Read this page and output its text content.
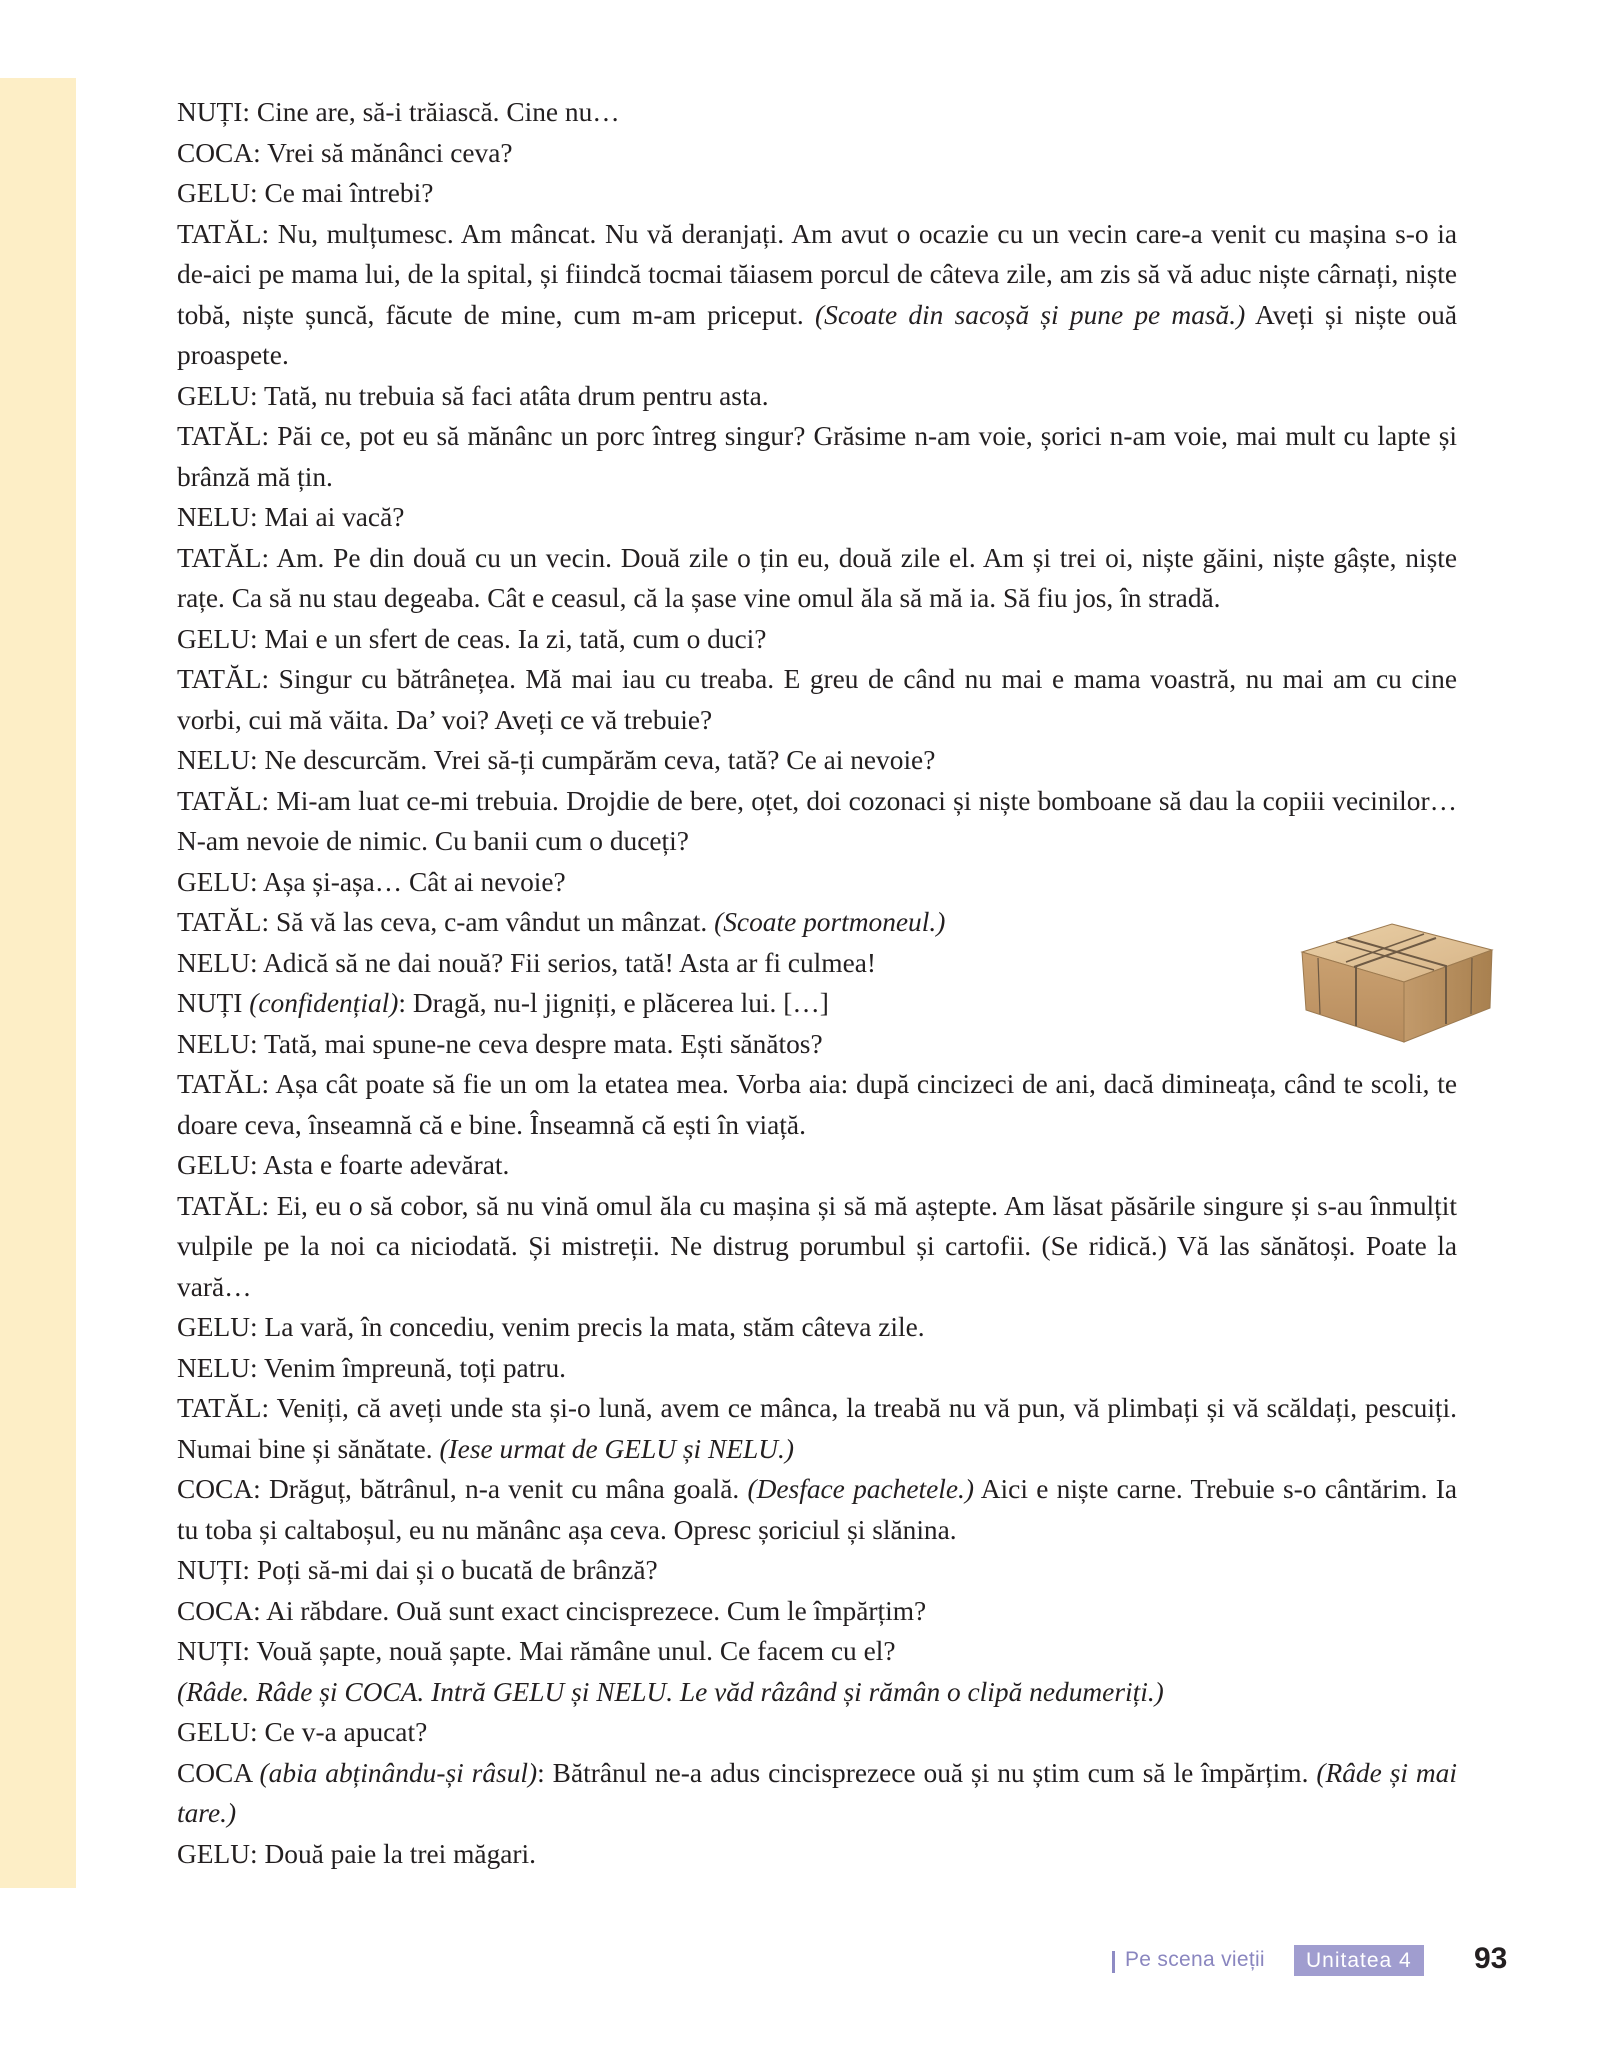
NUȚI: Cine are, să-i trăiască. Cine nu…

COCA: Vrei să mănânci ceva?

GELU: Ce mai întrebi?

TATĂL: Nu, mulțumesc. Am mâncat. Nu vă deranjați. Am avut o ocazie cu un vecin care-a venit cu mașina s-o ia de-aici pe mama lui, de la spital, și fiindcă tocmai tăiasem porcul de câteva zile, am zis să vă aduc niște cârnați, niște tobă, niște șuncă, făcute de mine, cum m-am priceput. (Scoate din sacoșă și pune pe masă.) Aveți și niște ouă proaspete.

GELU: Tată, nu trebuia să faci atâta drum pentru asta.

TATĂL: Păi ce, pot eu să mănânc un porc întreg singur? Grăsime n-am voie, șorici n-am voie, mai mult cu lapte și brânză mă țin.

NELU: Mai ai vacă?

TATĂL: Am. Pe din două cu un vecin. Două zile o țin eu, două zile el. Am și trei oi, niște găini, niște gâște, niște rațe. Ca să nu stau degeaba. Cât e ceasul, că la șase vine omul ăla să mă ia. Să fiu jos, în stradă.

GELU: Mai e un sfert de ceas. Ia zi, tată, cum o duci?

TATĂL: Singur cu bătrânețea. Mă mai iau cu treaba. E greu de când nu mai e mama voastră, nu mai am cu cine vorbi, cui mă văita. Da’ voi? Aveți ce vă trebuie?

NELU: Ne descurcăm. Vrei să-ți cumpărăm ceva, tată? Ce ai nevoie?

TATĂL: Mi-am luat ce-mi trebuia. Drojdie de bere, oțet, doi cozonaci și niște bomboane să dau la copiii vecinilor… N-am nevoie de nimic. Cu banii cum o duceți?

GELU: Așa și-așa… Cât ai nevoie?

TATĂL: Să vă las ceva, c-am vândut un mânzat. (Scoate portmoneul.)

NELU: Adică să ne dai nouă? Fii serios, tată! Asta ar fi culmea!

NUȚI (confidențial): Dragă, nu-l jigniți, e plăcerea lui. […]

NELU: Tată, mai spune-ne ceva despre mata. Ești sănătos?

TATĂL: Așa cât poate să fie un om la etatea mea. Vorba aia: după cincizeci de ani, dacă dimineața, când te scoli, te doare ceva, înseamnă că e bine. Înseamnă că ești în viață.

GELU: Asta e foarte adevărat.

TATĂL: Ei, eu o să cobor, să nu vină omul ăla cu mașina și să mă aștepte. Am lăsat păsările singure și s-au înmulțit vulpile pe la noi ca niciodată. Și mistreții. Ne distrug porumbul și cartofii. (Se ridică.) Vă las sănătoși. Poate la vară…

GELU: La vară, în concediu, venim precis la mata, stăm câteva zile.

NELU: Venim împreună, toți patru.

TATĂL: Veniți, că aveți unde sta și-o lună, avem ce mânca, la treabă nu vă pun, vă plimbați și vă scăldați, pescuiți. Numai bine și sănătate. (Iese urmat de GELU și NELU.)

COCA: Drăguț, bătrânul, n-a venit cu mâna goală. (Desface pachetele.) Aici e niște carne. Trebuie s-o cântărim. Ia tu toba și caltaboșul, eu nu mănânc așa ceva. Opresc șoriciul și slănina.

NUȚI: Poți să-mi dai și o bucată de brânză?

COCA: Ai răbdare. Ouă sunt exact cincisprezece. Cum le împărțim?

NUȚI: Vouă șapte, nouă șapte. Mai rămâne unul. Ce facem cu el?

(Râde. Râde și COCA. Intră GELU și NELU. Le văd râzând și rămân o clipă nedumeriți.)

GELU: Ce v-a apucat?

COCA (abia abținându-și râsul): Bătrânul ne-a adus cincisprezece ouă și nu știm cum să le împărțim. (Râde și mai tare.)

GELU: Două paie la trei măgari.

Pe scena vieții	Unitatea 4	93
